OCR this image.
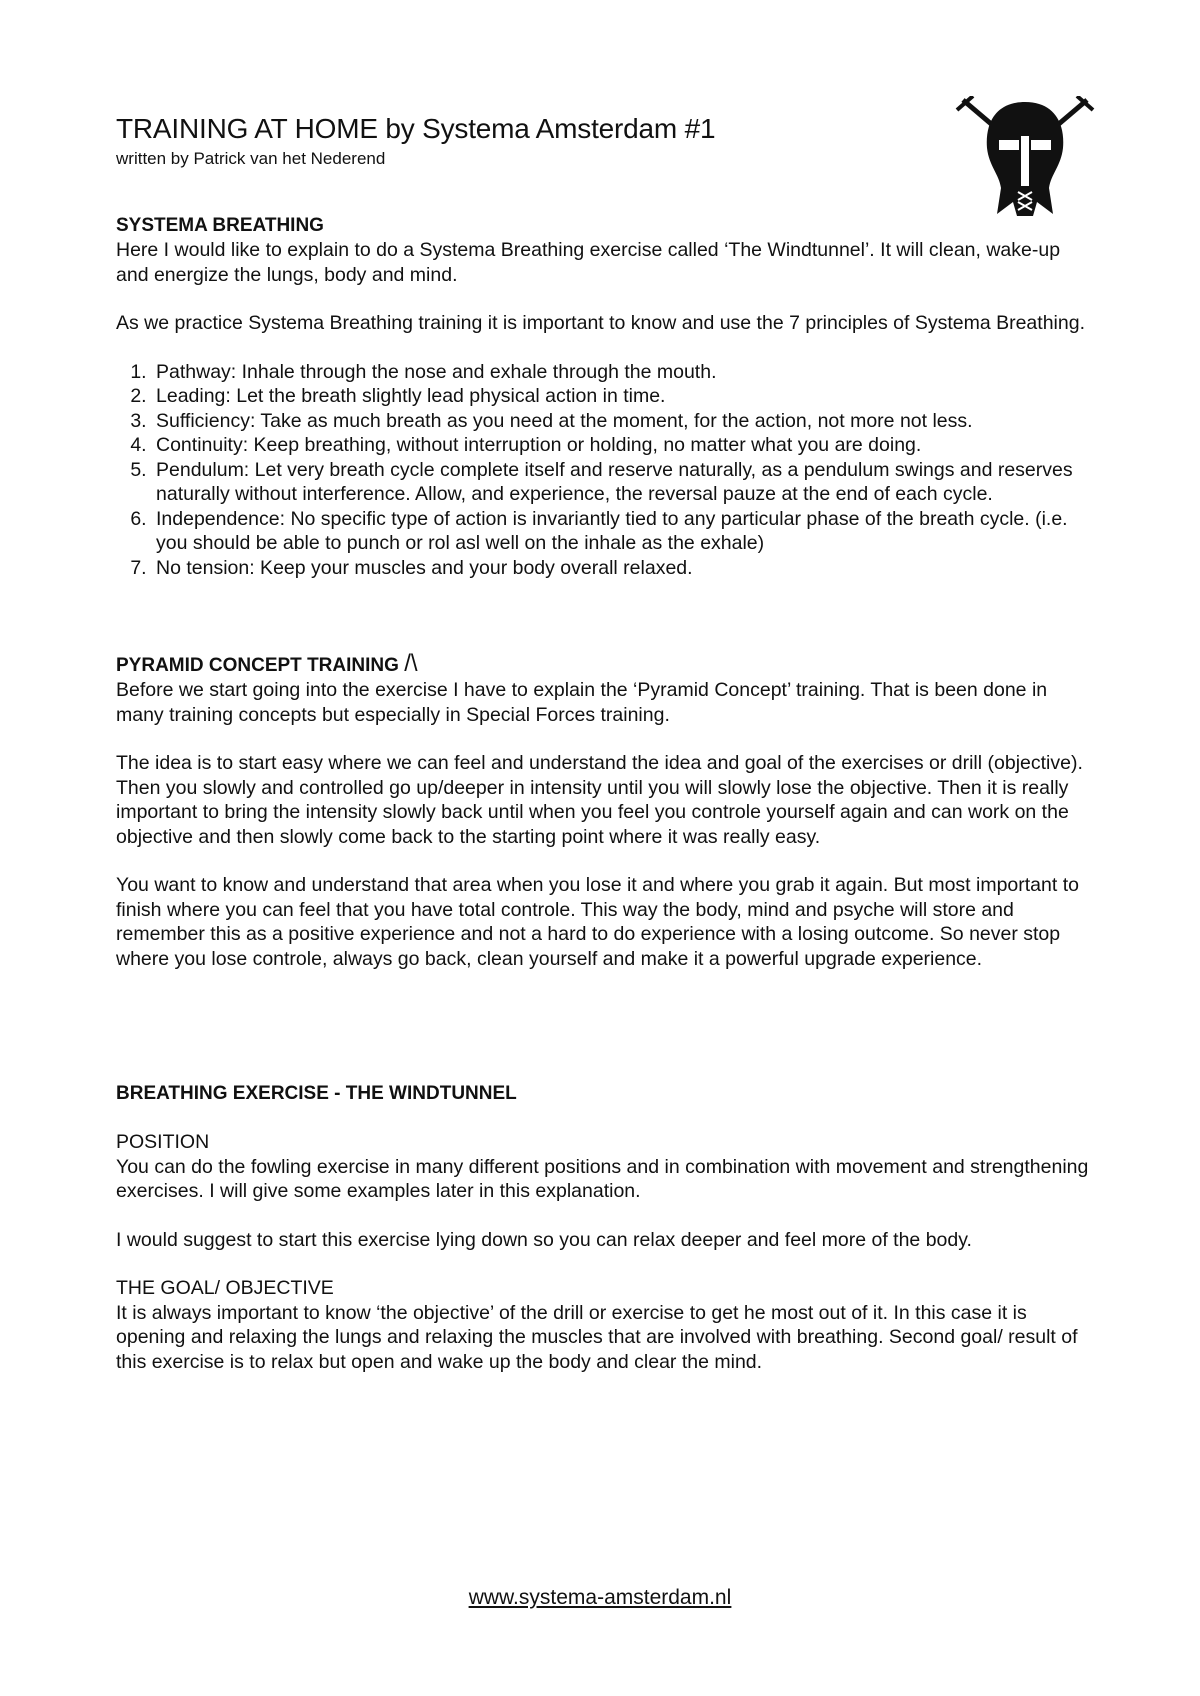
TRAINING AT HOME by Systema Amsterdam #1
written by Patrick van het Nederend
SYSTEMA BREATHING

Here I would like to explain to do a Systema Breathing exercise called ‘The Windtunnel’. It will clean, wake-up and energize the lungs, body and mind.

As we practice Systema Breathing training it is important to know and use the 7 principles of Systema Breathing.

1. Pathway: Inhale through the nose and exhale through the mouth.
2. Leading: Let the breath slightly lead physical action in time.
3. Sufficiency: Take as much breath as you need at the moment, for the action, not more not less.
4. Continuity: Keep breathing, without interruption or holding, no matter what you are doing.
5. Pendulum: Let very breath cycle complete itself and reserve naturally, as a pendulum swings and reserves naturally without interference. Allow, and experience, the reversal pauze at the end of each cycle.
6. Independence: No specific type of action is invariantly tied to any particular phase of the breath cycle. (i.e. you should be able to punch or rol asl well on the inhale as the exhale)
7. No tension: Keep your muscles and your body overall relaxed.
PYRAMID CONCEPT TRAINING /\

Before we start going into the exercise I have to explain the ‘Pyramid Concept’ training. That is been done in many training concepts but especially in Special Forces training.

The idea is to start easy where we can feel and understand the idea and goal of the exercises or drill (objective). Then you slowly and controlled go up/deeper in intensity until you will slowly lose the objective. Then it is really important to bring the intensity slowly back until when you feel you controle yourself again and can work on the objective and then slowly come back to the starting point where it was really easy.

You want to know and understand that area when you lose it and where you grab it again. But most important to finish where you can feel that you have total controle. This way the body, mind and psyche will store and remember this as a positive experience and not a hard to do experience with a losing outcome. So never stop where you lose controle, always go back, clean yourself and make it a powerful upgrade experience.

BREATHING EXERCISE - THE WINDTUNNEL
POSITION

You can do the fowling exercise in many different positions and in combination with movement and strengthening exercises. I will give some examples later in this explanation.

I would suggest to start this exercise lying down so you can relax deeper and feel more of the body.

THE GOAL/ OBJECTIVE

It is always important to know ‘the objective’ of the drill or exercise to get he most out of it. In this case it is opening and relaxing the lungs and relaxing the muscles that are involved with breathing. Second goal/ result of this exercise is to relax but open and wake up the body and clear the mind.

www.systema-amsterdam.nl
